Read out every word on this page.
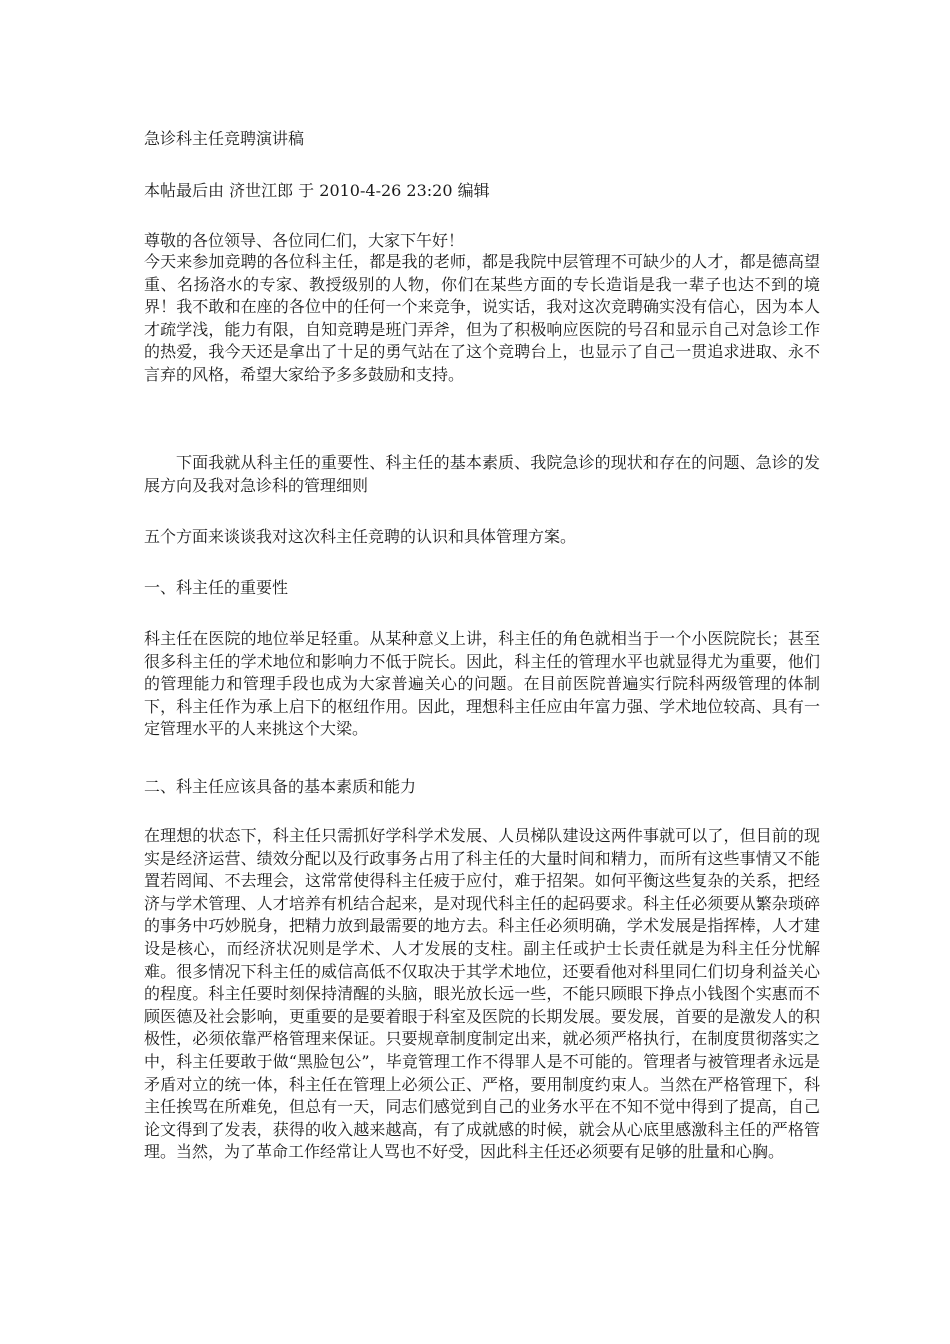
急诊科主任竞聘演讲稿

本帖最后由 济世江郎 于 2010-4-26 23:20 编辑

尊敬的各位领导、各位同仁们，大家下午好！

今天来参加竞聘的各位科主任，都是我的老师，都是我院中层管理不可缺少的人才，都是德高望重、名扬洛水的专家、教授级别的人物，你们在某些方面的专长造诣是我一辈子也达不到的境界！我不敢和在座的各位中的任何一个来竞争，说实话，我对这次竞聘确实没有信心，因为本人才疏学浅，能力有限，自知竞聘是班门弄斧，但为了积极响应医院的号召和显示自己对急诊工作的热爱，我今天还是拿出了十足的勇气站在了这个竞聘台上，也显示了自己一贯追求进取、永不言弃的风格，希望大家给予多多鼓励和支持。

下面我就从科主任的重要性、科主任的基本素质、我院急诊的现状和存在的问题、急诊的发展方向及我对急诊科的管理细则

五个方面来谈谈我对这次科主任竞聘的认识和具体管理方案。

一、科主任的重要性

科主任在医院的地位举足轻重。从某种意义上讲，科主任的角色就相当于一个小医院院长；甚至很多科主任的学术地位和影响力不低于院长。因此，科主任的管理水平也就显得尤为重要，他们的管理能力和管理手段也成为大家普遍关心的问题。在目前医院普遍实行院科两级管理的体制下，科主任作为承上启下的枢纽作用。因此，理想科主任应由年富力强、学术地位较高、具有一定管理水平的人来挑这个大梁。

二、科主任应该具备的基本素质和能力

在理想的状态下，科主任只需抓好学科学术发展、人员梯队建设这两件事就可以了，但目前的现实是经济运营、绩效分配以及行政事务占用了科主任的大量时间和精力，而所有这些事情又不能置若罔闻、不去理会，这常常使得科主任疲于应付，难于招架。如何平衡这些复杂的关系，把经济与学术管理、人才培养有机结合起来，是对现代科主任的起码要求。科主任必须要从繁杂琐碎的事务中巧妙脱身，把精力放到最需要的地方去。科主任必须明确，学术发展是指挥棒，人才建设是核心，而经济状况则是学术、人才发展的支柱。副主任或护士长责任就是为科主任分忧解难。很多情况下科主任的威信高低不仅取决于其学术地位，还要看他对科里同仁们切身利益关心的程度。科主任要时刻保持清醒的头脑，眼光放长远一些，不能只顾眼下挣点小钱图个实惠而不顾医德及社会影响，更重要的是要着眼于科室及医院的长期发展。要发展，首要的是激发人的积极性，必须依靠严格管理来保证。只要规章制度制定出来，就必须严格执行，在制度贯彻落实之中，科主任要敢于做“黑脸包公”，毕竟管理工作不得罪人是不可能的。管理者与被管理者永远是矛盾对立的统一体，科主任在管理上必须公正、严格，要用制度约束人。当然在严格管理下，科主任挨骂在所难免，但总有一天，同志们感觉到自己的业务水平在不知不觉中得到了提高，自己论文得到了发表，获得的收入越来越高，有了成就感的时候，就会从心底里感激科主任的严格管理。当然，为了革命工作经常让人骂也不好受，因此科主任还必须要有足够的肚量和心胸。
